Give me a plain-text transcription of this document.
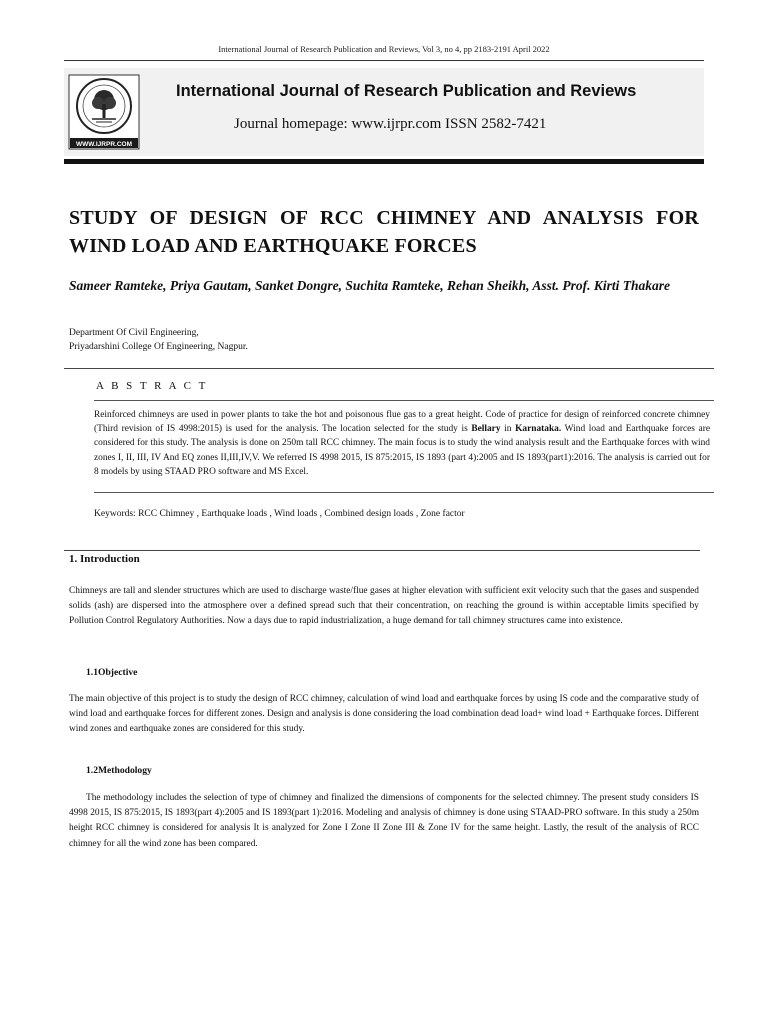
International Journal of Research Publication and Reviews, Vol 3, no 4, pp 2183-2191 April 2022
WWW.IJRPR.COM
International Journal of Research Publication and Reviews
Journal homepage: www.ijrpr.com ISSN 2582-7421
STUDY OF DESIGN OF RCC CHIMNEY AND ANALYSIS FOR WIND LOAD AND EARTHQUAKE FORCES
Sameer Ramteke, Priya Gautam, Sanket Dongre, Suchita Ramteke, Rehan Sheikh, Asst. Prof. Kirti Thakare
Department Of Civil Engineering,
Priyadarshini College Of Engineering, Nagpur.
A B S T R A C T
Reinforced chimneys are used in power plants to take the hot and poisonous flue gas to a great height. Code of practice for design of reinforced concrete chimney (Third revision of IS 4998:2015) is used for the analysis. The location selected for the study is Bellary in Karnataka. Wind load and Earthquake forces are considered for this study. The analysis is done on 250m tall RCC chimney. The main focus is to study the wind analysis result and the Earthquake forces with wind zones I, II, III, IV And EQ zones II,III,IV,V. We referred IS 4998 2015, IS 875:2015, IS 1893 (part 4):2005 and IS 1893(part1):2016. The analysis is carried out for 8 models by using STAAD PRO software and MS Excel.
Keywords: RCC Chimney , Earthquake loads , Wind loads , Combined design loads , Zone factor
1. Introduction
Chimneys are tall and slender structures which are used to discharge waste/flue gases at higher elevation with sufficient exit velocity such that the gases and suspended solids (ash) are dispersed into the atmosphere over a defined spread such that their concentration, on reaching the ground is within acceptable limits specified by Pollution Control Regulatory Authorities. Now a days due to rapid industrialization, a huge demand for tall chimney structures came into existence.
1.1Objective
The main objective of this project is to study the design of RCC chimney, calculation of wind load and earthquake forces by using IS code and the comparative study of wind load and earthquake forces for different zones. Design and analysis is done considering the load combination dead load+ wind load + Earthquake forces. Different wind zones and earthquake zones are considered for this study.
1.2Methodology
The methodology includes the selection of type of chimney and finalized the dimensions of components for the selected chimney. The present study considers IS 4998 2015, IS 875:2015, IS 1893(part 4):2005 and IS 1893(part 1):2016. Modeling and analysis of chimney is done using STAAD-PRO software. In this study a 250m height RCC chimney is considered for analysis It is analyzed for Zone I Zone II Zone III & Zone IV for the same height. Lastly, the result of the analysis of RCC chimney for all the wind zone has been compared.
